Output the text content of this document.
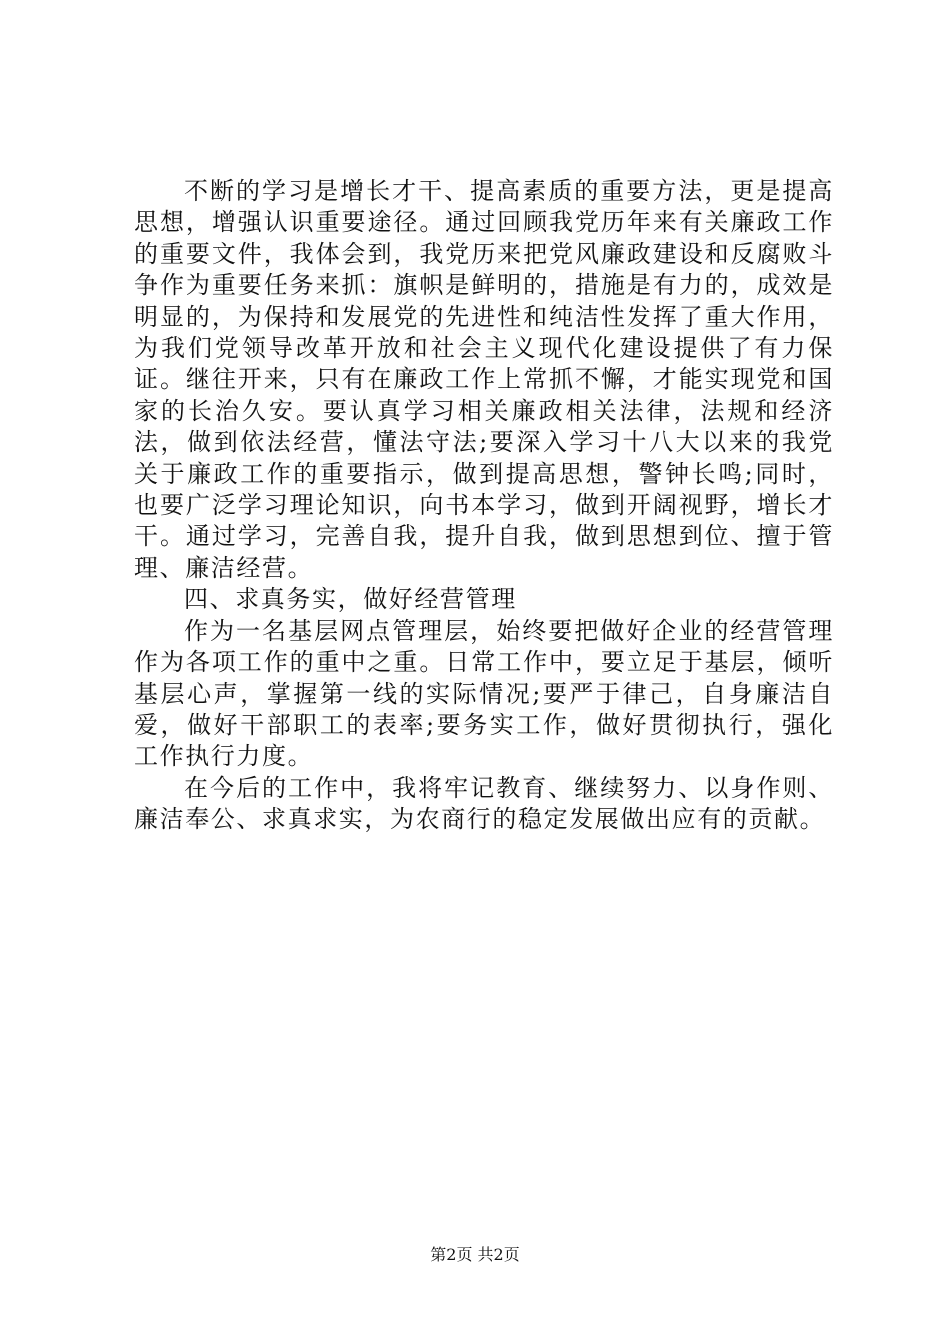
不断的学习是增长才干、提高素质的重要方法，更是提高思想，增强认识重要途径。通过回顾我党历年来有关廉政工作的重要文件，我体会到，我党历来把党风廉政建设和反腐败斗争作为重要任务来抓：旗帜是鲜明的，措施是有力的，成效是明显的，为保持和发展党的先进性和纯洁性发挥了重大作用，为我们党领导改革开放和社会主义现代化建设提供了有力保证。继往开来，只有在廉政工作上常抓不懈，才能实现党和国家的长治久安。要认真学习相关廉政相关法律，法规和经济法，做到依法经营，懂法守法;要深入学习十八大以来的我党关于廉政工作的重要指示，做到提高思想，警钟长鸣;同时，也要广泛学习理论知识，向书本学习，做到开阔视野，增长才干。通过学习，完善自我，提升自我，做到思想到位、擅于管理、廉洁经营。

四、求真务实，做好经营管理

作为一名基层网点管理层，始终要把做好企业的经营管理作为各项工作的重中之重。日常工作中，要立足于基层，倾听基层心声，掌握第一线的实际情况;要严于律己，自身廉洁自爱，做好干部职工的表率;要务实工作，做好贯彻执行，强化工作执行力度。

在今后的工作中，我将牢记教育、继续努力、以身作则、廉洁奉公、求真求实，为农商行的稳定发展做出应有的贡献。

第2页 共2页
